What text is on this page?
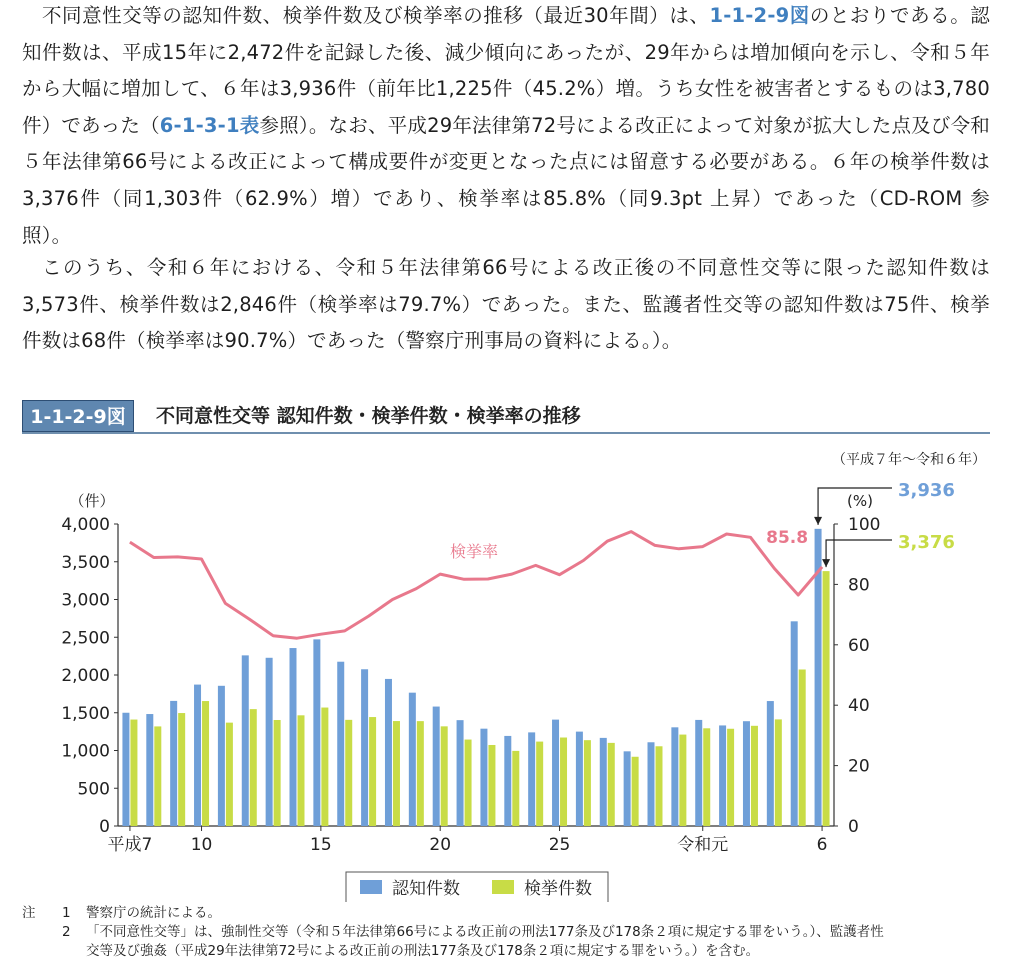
不同意性交等の認知件数、検挙件数及び検挙率の推移（最近30年間）は、1-1-2-9図のとおりである。認知件数は、平成15年に2,472件を記録した後、減少傾向にあったが、29年からは増加傾向を示し、令和５年から大幅に増加して、６年は3,936件（前年比1,225件（45.2%）増。うち女性を被害者とするものは3,780件）であった（6-1-3-1表参照）。なお、平成29年法律第72号による改正によって対象が拡大した点及び令和５年法律第66号による改正によって構成要件が変更となった点には留意する必要がある。６年の検挙件数は3,376件（同1,303件（62.9%）増）であり、検挙率は85.8%（同9.3pt 上昇）であった（CD-ROM 参照）。
このうち、令和６年における、令和５年法律第66号による改正後の不同意性交等に限った認知件数は3,573件、検挙件数は2,846件（検挙率は79.7%）であった。また、監護者性交等の認知件数は75件、検挙件数は68件（検挙率は90.7%）であった（警察庁刑事局の資料による。）。
1-1-2-9図	不同意性交等 認知件数・検挙件数・検挙率の推移
（平成７年～令和６年）
（件）	(%)
0
500
1,000
1,500
2,000
2,500
3,000
3,500
4,000
0
20
40
60
80
100
平成7 10	15	20	25	令和元	6
検挙率
85.8
3,936
3,376
認知件数	検挙件数
注	1	警察庁の統計による。
2	「不同意性交等」は、強制性交等（令和５年法律第66号による改正前の刑法177条及び178条２項に規定する罪をいう。）、監護者性
交等及び強姦（平成29年法律第72号による改正前の刑法177条及び178条２項に規定する罪をいう。）を含む。
